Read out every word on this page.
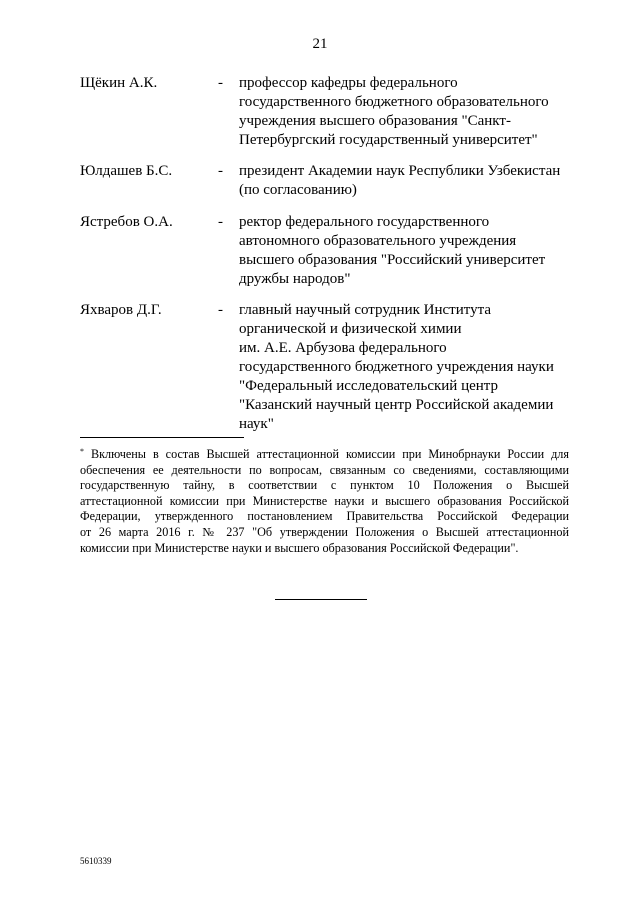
21
Щёкин А.К.	- профессор кафедры федерального
государственного бюджетного образовательного
учреждения высшего образования "Санкт-
Петербургский государственный университет"
Юлдашев Б.С.	- президент Академии наук Республики Узбекистан
(по согласованию)
Ястребов О.А.	- ректор федерального государственного
автономного образовательного учреждения
высшего образования "Российский университет
дружбы народов"
Яхваров Д.Г.	- главный научный сотрудник Института
органической и физической химии
им. А.Е. Арбузова федерального
государственного бюджетного учреждения науки
"Федеральный исследовательский центр
"Казанский научный центр Российской академии
наук"
* Включены в состав Высшей аттестационной комиссии при Минобрнауки России для
обеспечения ее деятельности по вопросам, связанным со сведениями, составляющими
государственную тайну, в соответствии с пунктом 10 Положения о Высшей
аттестационной комиссии при Министерстве науки и высшего образования Российской
Федерации, утвержденного постановлением Правительства Российской Федерации
от 26 марта 2016 г. № 237 "Об утверждении Положения о Высшей аттестационной
комиссии при Министерстве науки и высшего образования Российской Федерации".
5610339
